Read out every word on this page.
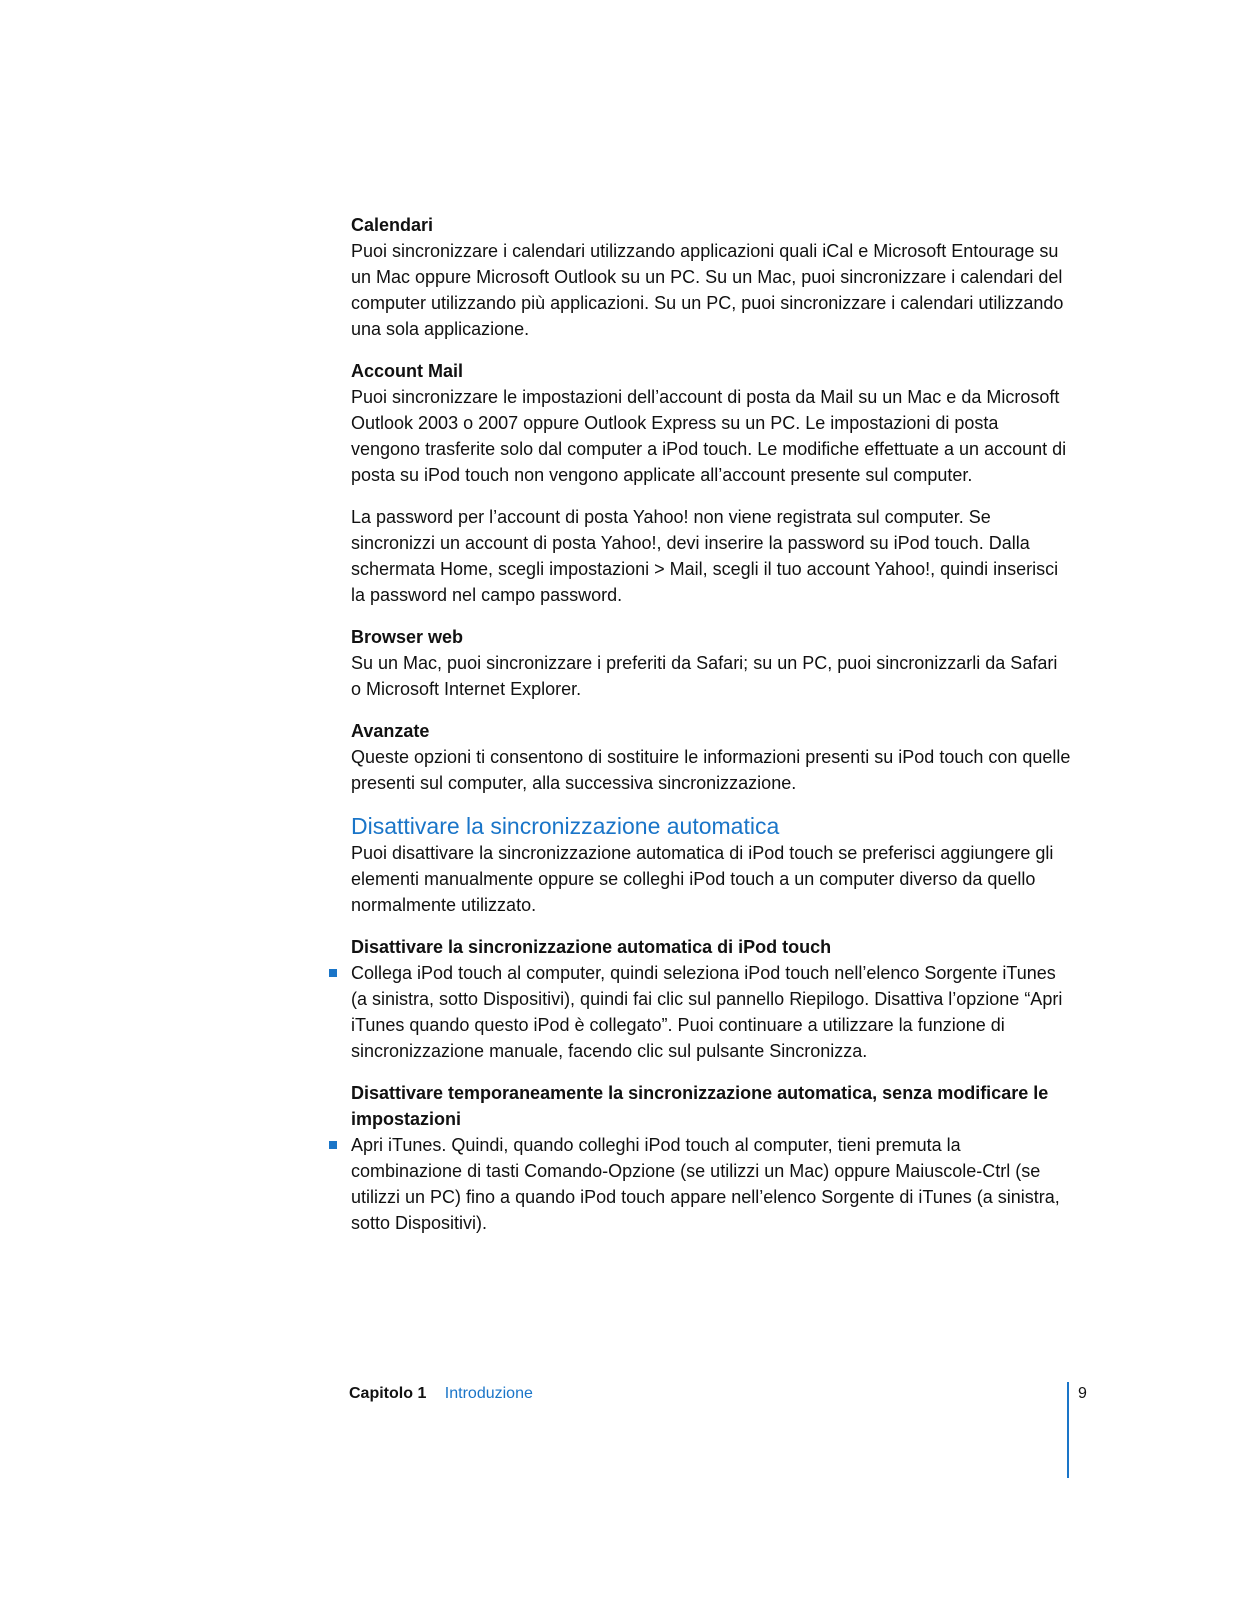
Calendari

Puoi sincronizzare i calendari utilizzando applicazioni quali iCal e Microsoft Entourage su un Mac oppure Microsoft Outlook su un PC. Su un Mac, puoi sincronizzare i calendari del computer utilizzando più applicazioni. Su un PC, puoi sincronizzare i calendari utilizzando una sola applicazione.

Account Mail

Puoi sincronizzare le impostazioni dell’account di posta da Mail su un Mac e da Microsoft Outlook 2003 o 2007 oppure Outlook Express su un PC. Le impostazioni di posta vengono trasferite solo dal computer a iPod touch. Le modifiche effettuate a un account di posta su iPod touch non vengono applicate all’account presente sul computer.

La password per l’account di posta Yahoo! non viene registrata sul computer. Se sincronizzi un account di posta Yahoo!, devi inserire la password su iPod touch. Dalla schermata Home, scegli impostazioni > Mail, scegli il tuo account Yahoo!, quindi inserisci la password nel campo password.

Browser web

Su un Mac, puoi sincronizzare i preferiti da Safari; su un PC, puoi sincronizzarli da Safari o Microsoft Internet Explorer.

Avanzate

Queste opzioni ti consentono di sostituire le informazioni presenti su iPod touch con quelle presenti sul computer, alla successiva sincronizzazione.

Disattivare la sincronizzazione automatica

Puoi disattivare la sincronizzazione automatica di iPod touch se preferisci aggiungere gli elementi manualmente oppure se colleghi iPod touch a un computer diverso da quello normalmente utilizzato.

Disattivare la sincronizzazione automatica di iPod touch

Collega iPod touch al computer, quindi seleziona iPod touch nell’elenco Sorgente iTunes (a sinistra, sotto Dispositivi), quindi fai clic sul pannello Riepilogo. Disattiva l’opzione “Apri iTunes quando questo iPod è collegato”. Puoi continuare a utilizzare la funzione di sincronizzazione manuale, facendo clic sul pulsante Sincronizza.

Disattivare temporaneamente la sincronizzazione automatica, senza modificare le impostazioni

Apri iTunes. Quindi, quando colleghi iPod touch al computer, tieni premuta la combinazione di tasti Comando-Opzione (se utilizzi un Mac) oppure Maiuscole-Ctrl (se utilizzi un PC) fino a quando iPod touch appare nell’elenco Sorgente di iTunes (a sinistra, sotto Dispositivi).

Capitolo 1 Introduzione	9
